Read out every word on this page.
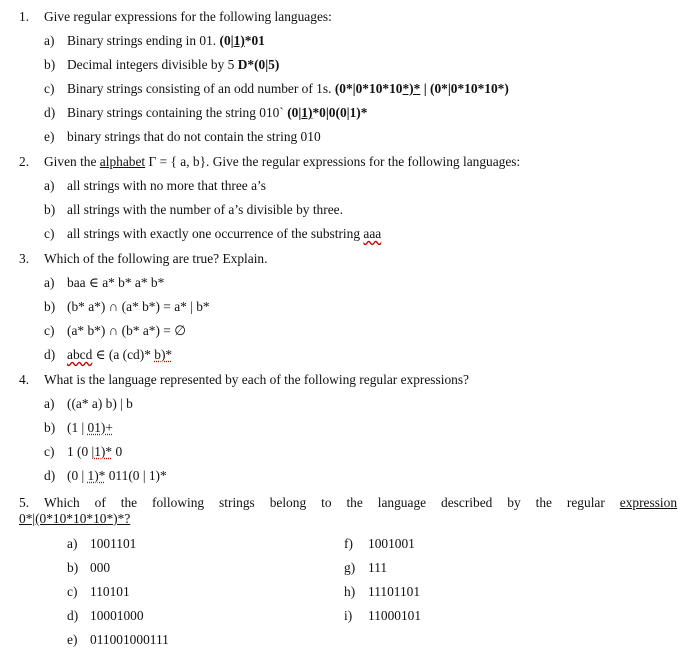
1. Give regular expressions for the following languages:
a) Binary strings ending in 01. (0|1)*01
b) Decimal integers divisible by 5 D*(0|5)
c) Binary strings consisting of an odd number of 1s. (0*|0*10*10*)* | (0*|0*10*10*)
d) Binary strings containing the string 010` (0|1)*0|0(0|1)*
e) binary strings that do not contain the string 010
2. Given the alphabet Γ = { a, b}. Give the regular expressions for the following languages:
a) all strings with no more that three a’s
b) all strings with the number of a’s divisible by three.
c) all strings with exactly one occurrence of the substring aaa
3. Which of the following are true? Explain.
a) baa ∈ a* b* a* b*
b) (b* a*) ∩ (a* b*) = a* | b*
c) (a* b*) ∩ (b* a*) = ∅
d) abcd ∈ (a (cd)* b)*
4. What is the language represented by each of the following regular expressions?
a) ((a* a) b) | b
b) (1 | 01)+
c) 1 (0 |1)* 0
d) (0 | 1)* 011(0 | 1)*
5. Which of the following strings belong to the language described by the regular expression
0*|(0*10*10*10*)*?
a) 1001101
b) 000
c) 110101
d) 10001000
e) 011001000111
f) 1001001
g) 111
h) 11101101
i) 11000101
